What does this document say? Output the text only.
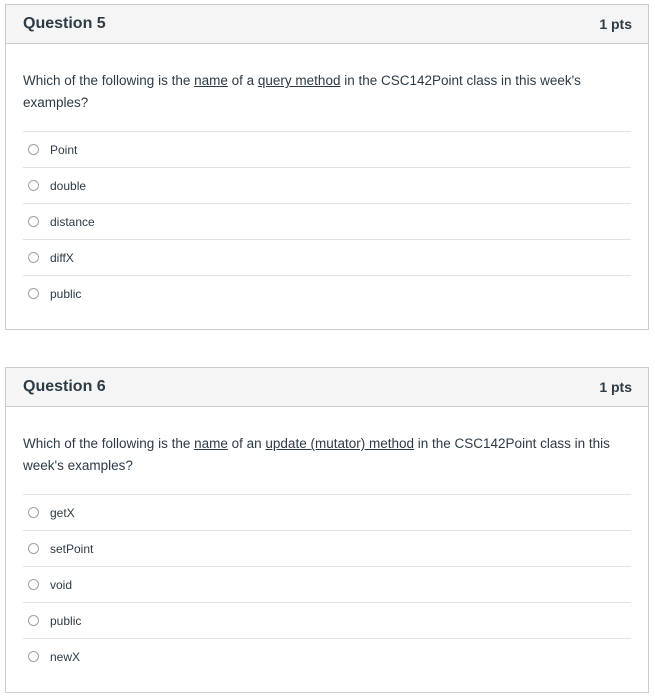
Question 5	1 pts
Which of the following is the name of a query method in the CSC142Point class in this week's examples?
Point
double
distance
diffX
public
Question 6	1 pts
Which of the following is the name of an update (mutator) method in the CSC142Point class in this week's examples?
getX
setPoint
void
public
newX
